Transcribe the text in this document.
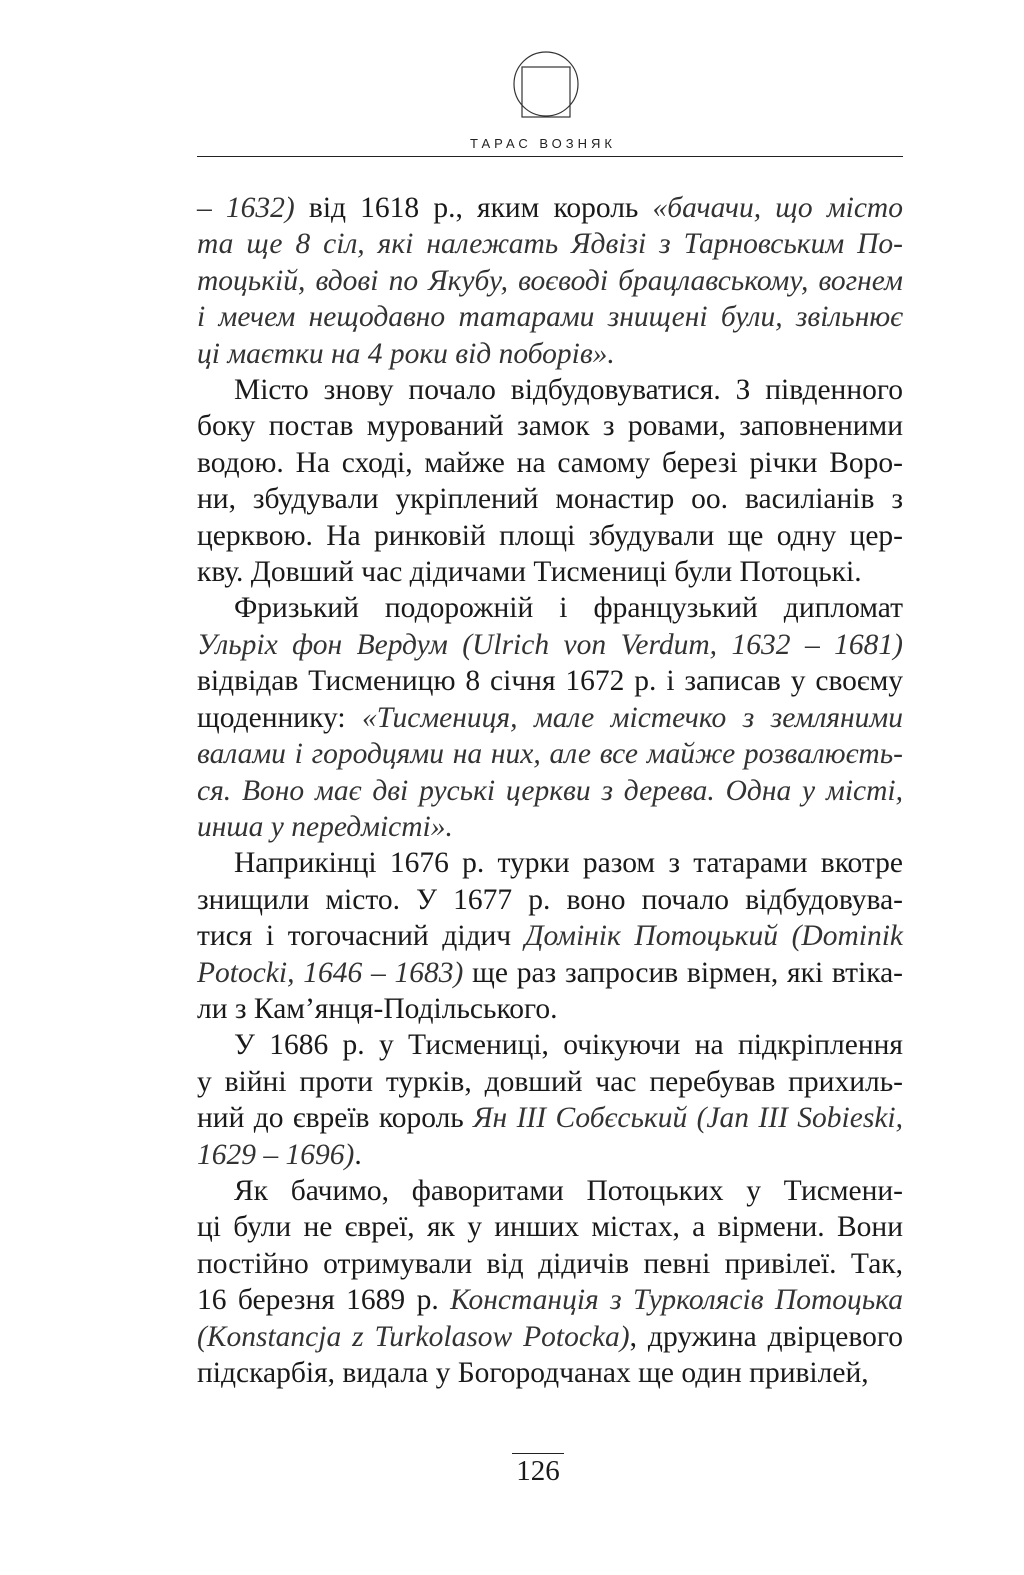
ТАРАС ВОЗНЯК
– 1632) від 1618 р., яким король «бачачи, що місто
та ще 8 сіл, які належать Ядвізі з Тарновським По-
тоцькій, вдові по Якубу, воєводі брацлавському, вогнем
і мечем нещодавно татарами знищені були, звільнює
ці маєтки на 4 роки від поборів».
Місто знову почало відбудовуватися. З південного
боку постав мурований замок з ровами, заповненими
водою. На сході, майже на самому березі річки Воро-
ни, збудували укріплений монастир оо. василіанів з
церквою. На ринковій площі збудували ще одну цер-
кву. Довший час дідичами Тисмениці були Потоцькі.
Фризький подорожній і французький дипломат
Ульріх фон Вердум (Ulrich von Verdum, 1632 – 1681)
відвідав Тисменицю 8 січня 1672 р. і записав у своєму
щоденнику: «Тисмениця, мале містечко з земляними
валами і городцями на них, але все майже розвалюєть-
ся. Воно має дві руські церкви з дерева. Одна у місті,
инша у передмісті».
Наприкінці 1676 р. турки разом з татарами вкотре
знищили місто. У 1677 р. воно почало відбудовува-
тися і тогочасний дідич Домінік Потоцький (Dominik
Potocki, 1646 – 1683) ще раз запросив вірмен, які втіка-
ли з Кам’янця-Подільського.
У 1686 р. у Тисмениці, очікуючи на підкріплення
у війні проти турків, довший час перебував прихиль-
ний до євреїв король Ян ІІІ Собєський (Jan III Sobieski,
1629 – 1696).
Як бачимо, фаворитами Потоцьких у Тисмени-
ці були не євреї, як у инших містах, а вірмени. Вони
постійно отримували від дідичів певні привілеї. Так,
16 березня 1689 р. Констанція з Турколясів Потоцька
(Konstancja z Turkolasow Potocka), дружина двірцевого
підскарбія, видала у Богородчанах ще один привілей,
126
